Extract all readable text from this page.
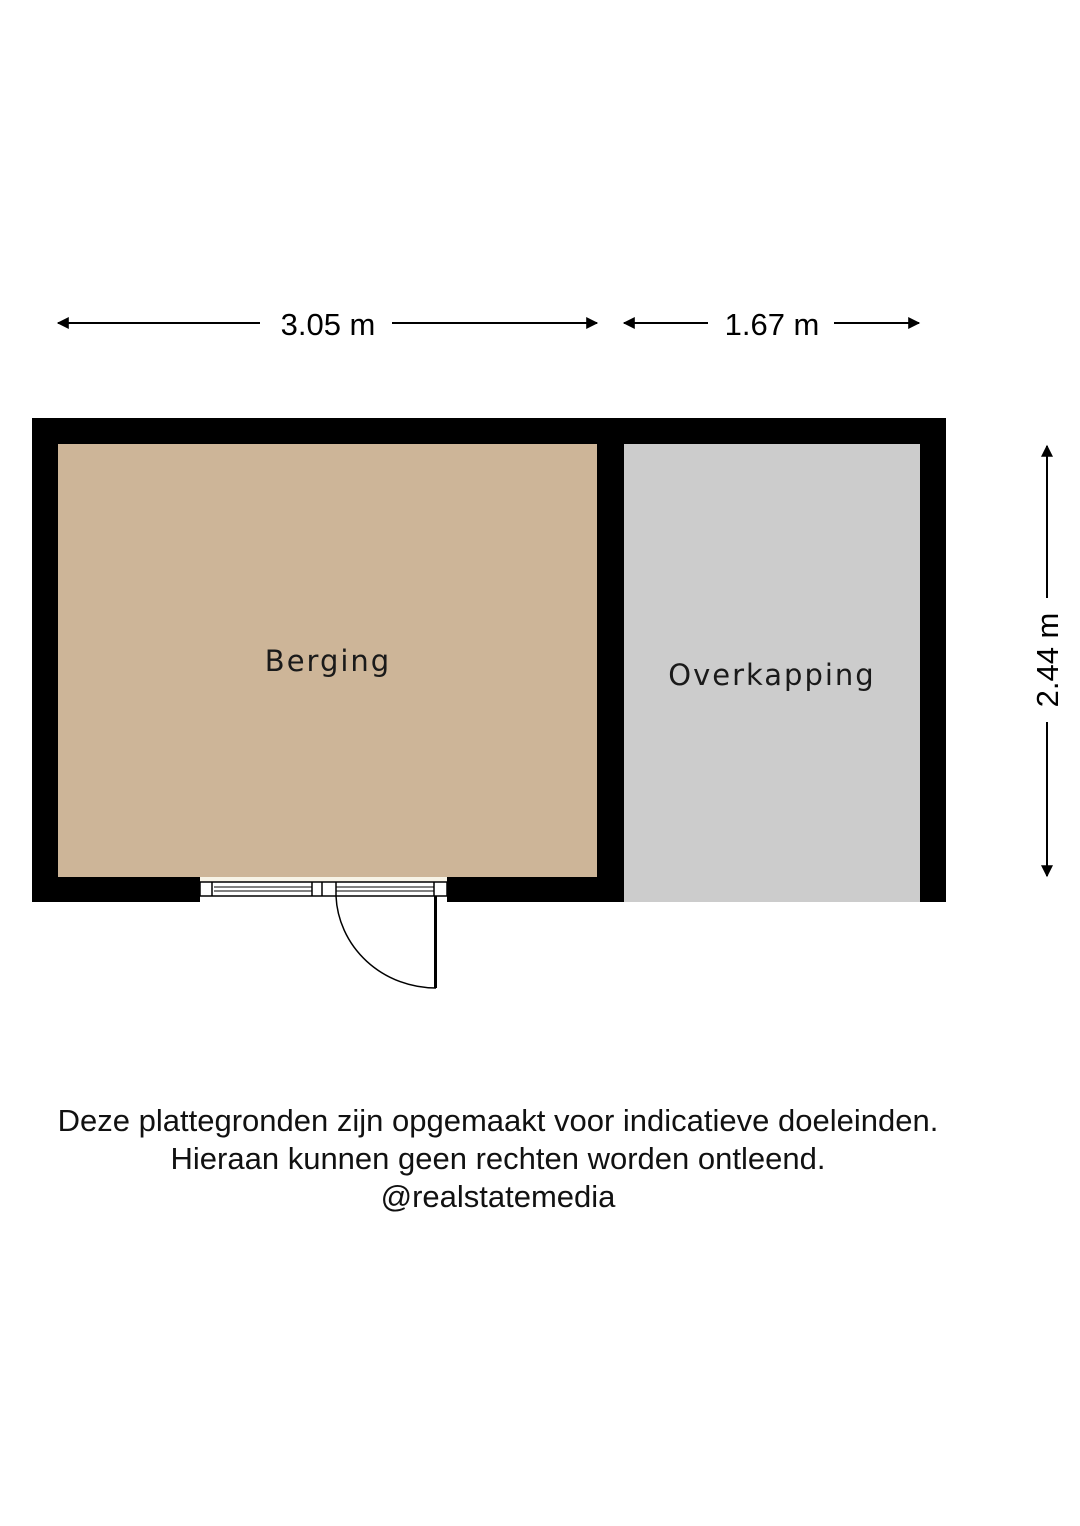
3.05 m	1.67 m
2.44 m
Berging	Overkapping
Deze plattegronden zijn opgemaakt voor indicatieve doeleinden.
Hieraan kunnen geen rechten worden ontleend.
@realstatemedia
